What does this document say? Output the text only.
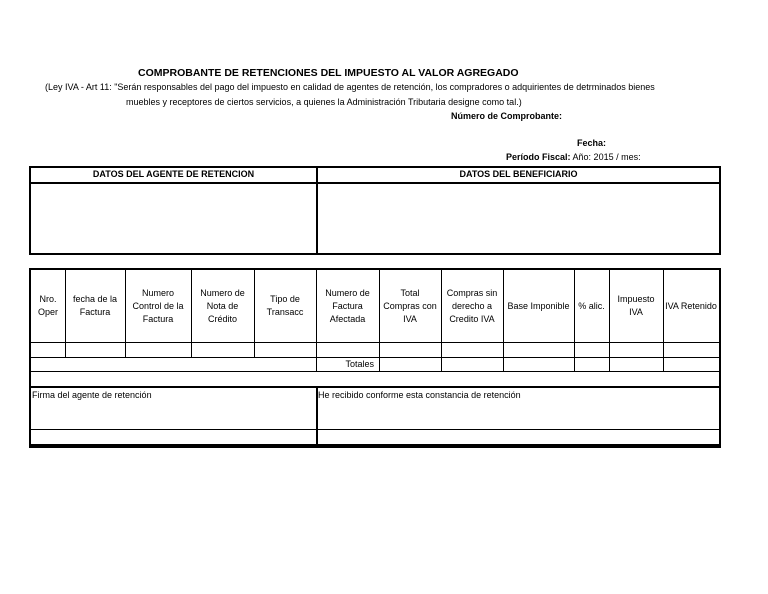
COMPROBANTE DE RETENCIONES DEL IMPUESTO AL VALOR AGREGADO
(Ley IVA - Art 11: "Serán responsables del pago del impuesto en calidad de agentes de retención, los compradores o adquirientes de detrminados bienes
muebles y receptores de ciertos servicios, a quienes la Administración Tributaria designe como tal.)
Número de Comprobante:
Fecha:
Período Fiscal: Año: 2015 / mes:
DATOS DEL AGENTE DE RETENCION	DATOS DEL BENEFICIARIO
Nro. Oper
fecha de la Factura
Numero Control de la Factura
Numero de Nota de Crédito
Tipo de Transacc
Numero de Factura Afectada
Total Compras con IVA
Compras sin derecho a Credito IVA
Base Imponible % alic.
Impuesto IVA
IVA Retenido
Totales
Firma del agente de retención	He recibido conforme esta constancia de retención
